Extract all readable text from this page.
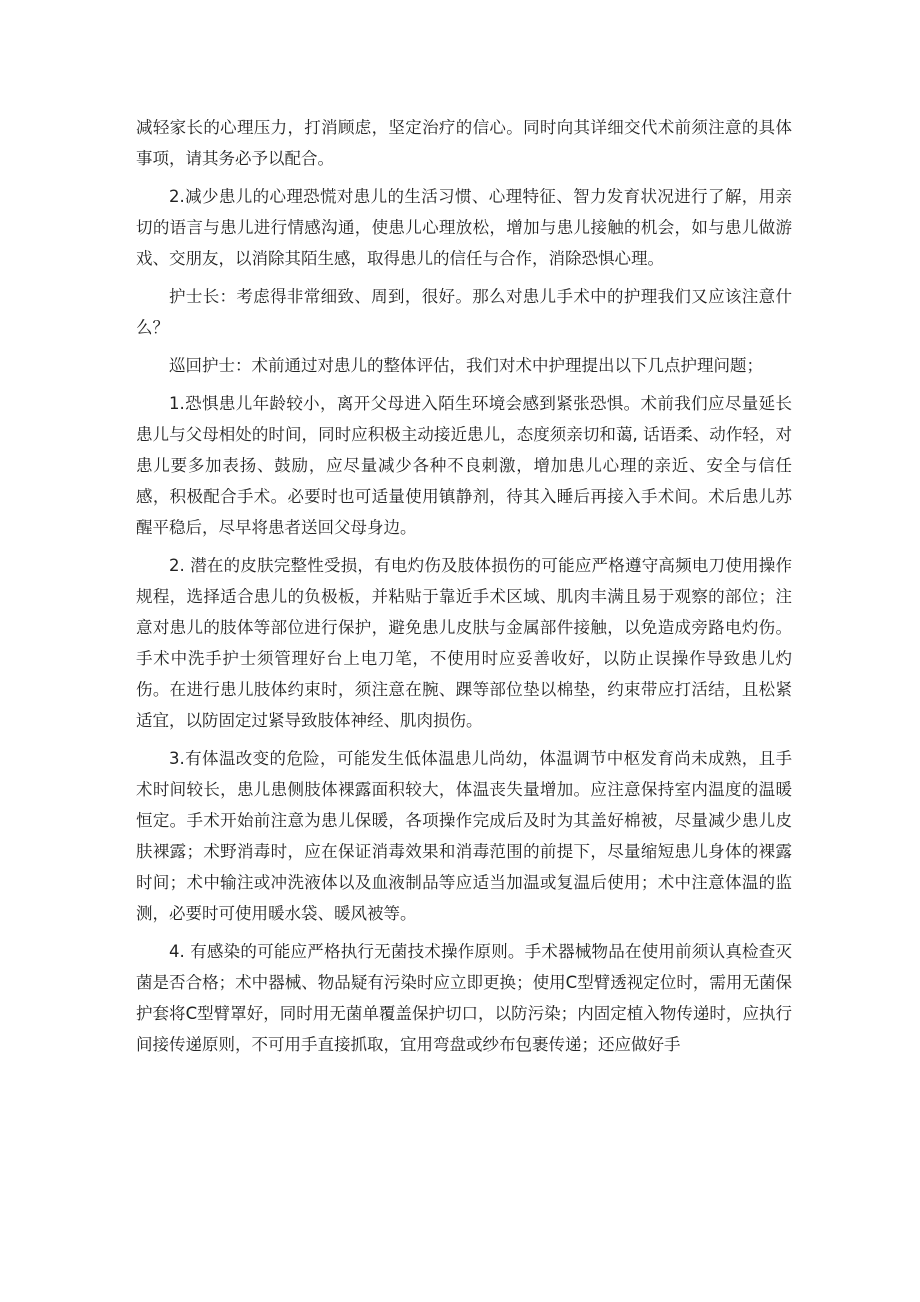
减轻家长的心理压力，打消顾虑，坚定治疗的信心。同时向其详细交代术前须注意的具体事项，请其务必予以配合。

2.减少患儿的心理恐慌对患儿的生活习惯、心理特征、智力发育状况进行了解，用亲切的语言与患儿进行情感沟通，使患儿心理放松，增加与患儿接触的机会，如与患儿做游戏、交朋友，以消除其陌生感，取得患儿的信任与合作，消除恐惧心理。

护士长：考虑得非常细致、周到，很好。那么对患儿手术中的护理我们又应该注意什么？

巡回护士：术前通过对患儿的整体评估，我们对术中护理提出以下几点护理问题；

1.恐惧患儿年龄较小，离开父母进入陌生环境会感到紧张恐惧。术前我们应尽量延长患儿与父母相处的时间，同时应积极主动接近患儿，态度须亲切和蔼, 话语柔、动作轻，对患儿要多加表扬、鼓励，应尽量减少各种不良刺激，增加患儿心理的亲近、安全与信任感，积极配合手术。必要时也可适量使用镇静剂，待其入睡后再接入手术间。术后患儿苏醒平稳后，尽早将患者送回父母身边。

2. 潜在的皮肤完整性受损，有电灼伤及肢体损伤的可能应严格遵守高频电刀使用操作规程，选择适合患儿的负极板，并粘贴于靠近手术区域、肌肉丰满且易于观察的部位；注意对患儿的肢体等部位进行保护，避免患儿皮肤与金属部件接触，以免造成旁路电灼伤。手术中洗手护士须管理好台上电刀笔，不使用时应妥善收好，以防止误操作导致患儿灼伤。在进行患儿肢体约束时，须注意在腕、踝等部位垫以棉垫，约束带应打活结，且松紧适宜，以防固定过紧导致肢体神经、肌肉损伤。

3.有体温改变的危险，可能发生低体温患儿尚幼，体温调节中枢发育尚未成熟，且手术时间较长，患儿患侧肢体裸露面积较大，体温丧失量增加。应注意保持室内温度的温暖恒定。手术开始前注意为患儿保暖，各项操作完成后及时为其盖好棉被，尽量减少患儿皮肤裸露；术野消毒时，应在保证消毒效果和消毒范围的前提下，尽量缩短患儿身体的裸露时间；术中输注或冲洗液体以及血液制品等应适当加温或复温后使用；术中注意体温的监测，必要时可使用暖水袋、暖风被等。

4. 有感染的可能应严格执行无菌技术操作原则。手术器械物品在使用前须认真检查灭菌是否合格；术中器械、物品疑有污染时应立即更换；使用C型臂透视定位时，需用无菌保护套将C型臂罩好，同时用无菌单覆盖保护切口，以防污染；内固定植入物传递时，应执行间接传递原则，不可用手直接抓取，宜用弯盘或纱布包裹传递；还应做好手
